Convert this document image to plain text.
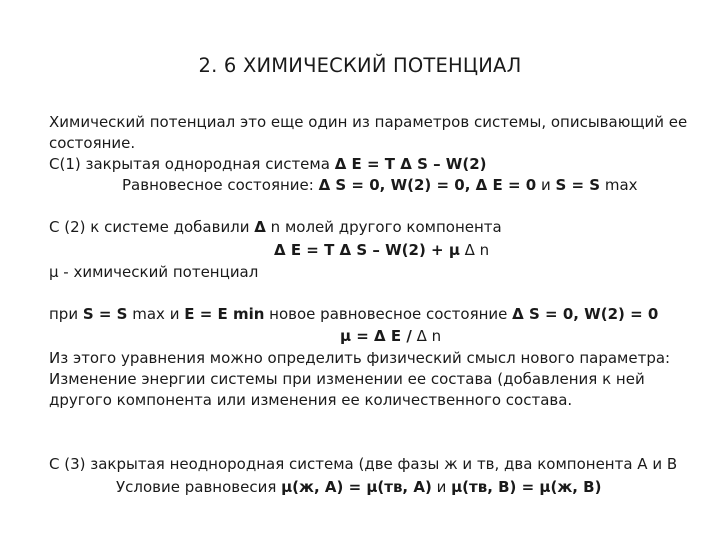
2. 6 ХИМИЧЕСКИЙ ПОТЕНЦИАЛ
Химический потенциал это еще один из параметров системы, описывающий ее
состояние.
С(1) закрытая однородная система Δ E = T Δ S – W(2)
Равновесное состояние: Δ S = 0, W(2) = 0, Δ E = 0 и S = S max
С (2) к системе добавили Δ n молей другого компонента
Δ E = T Δ S – W(2) + μ Δ n
μ - химический потенциал
при S = S max и E = E min новое равновесное состояние Δ S = 0, W(2) = 0
μ = Δ E / Δ n
Из этого уравнения можно определить физический смысл нового параметра:
Изменение энергии системы при изменении ее состава (добавления к ней
другого компонента или изменения ее количественного состава.
С (3) закрытая неоднородная система (две фазы ж и тв, два компонента А и В
Условие равновесия μ(ж, А) = μ(тв, А) и μ(тв, В) = μ(ж, В)
